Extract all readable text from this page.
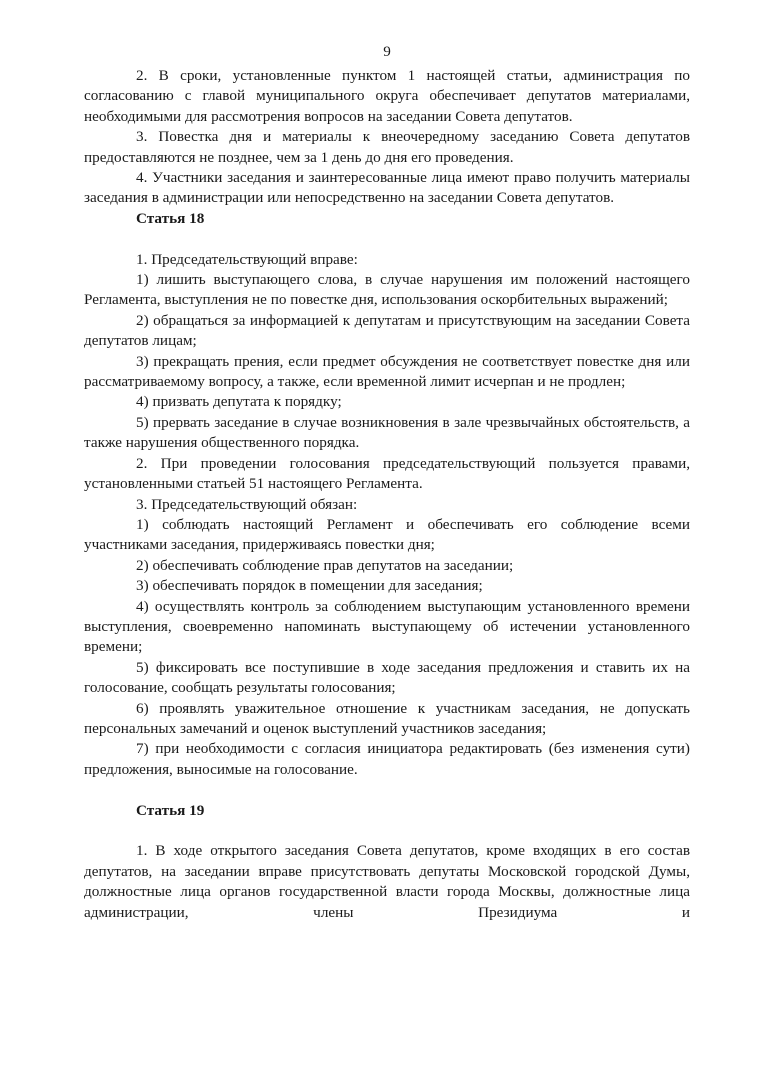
9

2. В сроки, установленные пунктом 1 настоящей статьи, администрация по согласованию с главой муниципального округа обеспечивает депутатов материалами, необходимыми для рассмотрения вопросов на заседании Совета депутатов.

3. Повестка дня и материалы к внеочередному заседанию Совета депутатов предоставляются не позднее, чем за 1 день до дня его проведения.

4. Участники заседания и заинтересованные лица имеют право получить материалы заседания в администрации или непосредственно на заседании Совета депутатов.

Статья 18

1. Председательствующий вправе:

1) лишить выступающего слова, в случае нарушения им положений настоящего Регламента, выступления не по повестке дня, использования оскорбительных выражений;

2) обращаться за информацией к депутатам и присутствующим на заседании Совета депутатов лицам;

3) прекращать прения, если предмет обсуждения не соответствует повестке дня или рассматриваемому вопросу, а также, если временной лимит исчерпан и не продлен;

4) призвать депутата к порядку;

5) прервать заседание в случае возникновения в зале чрезвычайных обстоятельств, а также нарушения общественного порядка.

2. При проведении голосования председательствующий пользуется правами, установленными статьей 51 настоящего Регламента.

3. Председательствующий обязан:

1) соблюдать настоящий Регламент и обеспечивать его соблюдение всеми участниками заседания, придерживаясь повестки дня;

2) обеспечивать соблюдение прав депутатов на заседании;

3) обеспечивать порядок в помещении для заседания;

4) осуществлять контроль за соблюдением выступающим установленного времени выступления, своевременно напоминать выступающему об истечении установленного времени;

5) фиксировать все поступившие в ходе заседания предложения и ставить их на голосование, сообщать результаты голосования;

6) проявлять уважительное отношение к участникам заседания, не допускать персональных замечаний и оценок выступлений участников заседания;

7) при необходимости с согласия инициатора редактировать (без изменения сути) предложения, выносимые на голосование.

Статья 19

1. В ходе открытого заседания Совета депутатов, кроме входящих в его состав депутатов, на заседании вправе присутствовать депутаты Московской городской Думы, должностные лица органов государственной власти города Москвы, должностные лица администрации, члены Президиума и
